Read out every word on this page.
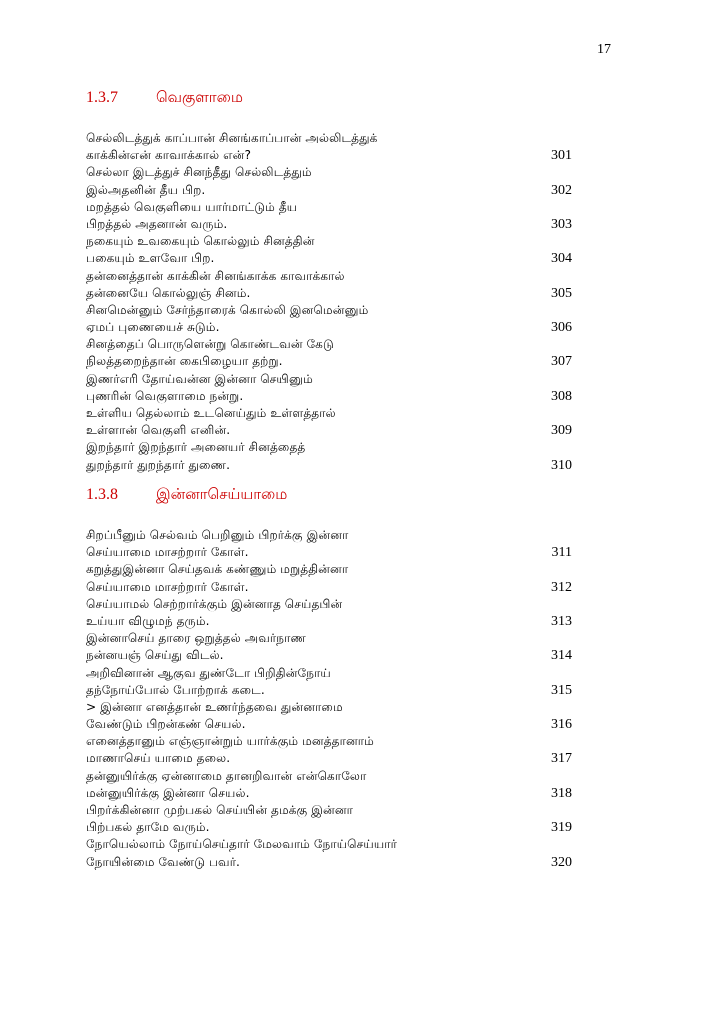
17
1.3.7	வெகுளாமை
செல்லிடத்துக் காப்பான் சினங்காப்பான் அல்லிடத்துக்
காக்கின்என் காவாக்கால் என்?	301
செல்லா இடத்துச் சினந்தீது செல்லிடத்தும்
இல்அதனின் தீய பிற.	302
மறத்தல் வெகுளியை யார்மாட்டும் தீய
பிறத்தல் அதனான் வரும்.	303
நகையும் உவகையும் கொல்லும் சினத்தின்
பகையும் உளவோ பிற.	304
தன்னைத்தான் காக்கின் சினங்காக்க காவாக்கால்
தன்னையே கொல்லுஞ் சினம்.	305
சினமென்னும் சேர்ந்தாரைக் கொல்லி இனமென்னும்
ஏமப் புணையைச் சுடும்.	306
சினத்தைப் பொருளென்று கொண்டவன் கேடு
நிலத்தறைந்தான் கைபிழையா தற்று.	307
இணர்எரி தோய்வன்ன இன்னா செயினும்
புணரின் வெகுளாமை நன்று.	308
உள்ளிய தெல்லாம் உடனெய்தும் உள்ளத்தால்
உள்ளான் வெகுளி எனின்.	309
இறந்தார் இறந்தார் அனையர் சினத்தைத்
துறந்தார் துறந்தார் துணை.	310
1.3.8	இன்னாசெய்யாமை
சிறப்பீனும் செல்வம் பெறினும் பிறர்க்கு இன்னா
செய்யாமை மாசற்றார் கோள்.	311
கறுத்துஇன்னா செய்தவக் கண்ணும் மறுத்தின்னா
செய்யாமை மாசற்றார் கோள்.	312
செய்யாமல் செற்றார்க்கும் இன்னாத செய்தபின்
உய்யா விழுமந் தரும்.	313
இன்னாசெய் தாரை ஒறுத்தல் அவர்நாண
நன்னயஞ் செய்து விடல்.	314
அறிவினான் ஆகுவ துண்டோ பிறிதின்நோய்
தந்நோய்போல் போற்றாக் கடை.	315
> இன்னா எனத்தான் உணர்ந்தவை துன்னாமை
வேண்டும் பிறன்கண் செயல்.	316
எனைத்தானும் எஞ்ஞான்றும் யார்க்கும் மனத்தானாம்
மாணாசெய் யாமை தலை.	317
தன்னுயிர்க்கு ஏன்னாமை தானறிவான் என்கொலோ
மன்னுயிர்க்கு இன்னா செயல்.	318
பிறர்க்கின்னா முற்பகல் செய்யின் தமக்கு இன்னா
பிற்பகல் தாமே வரும்.	319
நோயெல்லாம் நோய்செய்தார் மேலவாம் நோய்செய்யார்
நோயின்மை வேண்டு பவர்.	320
